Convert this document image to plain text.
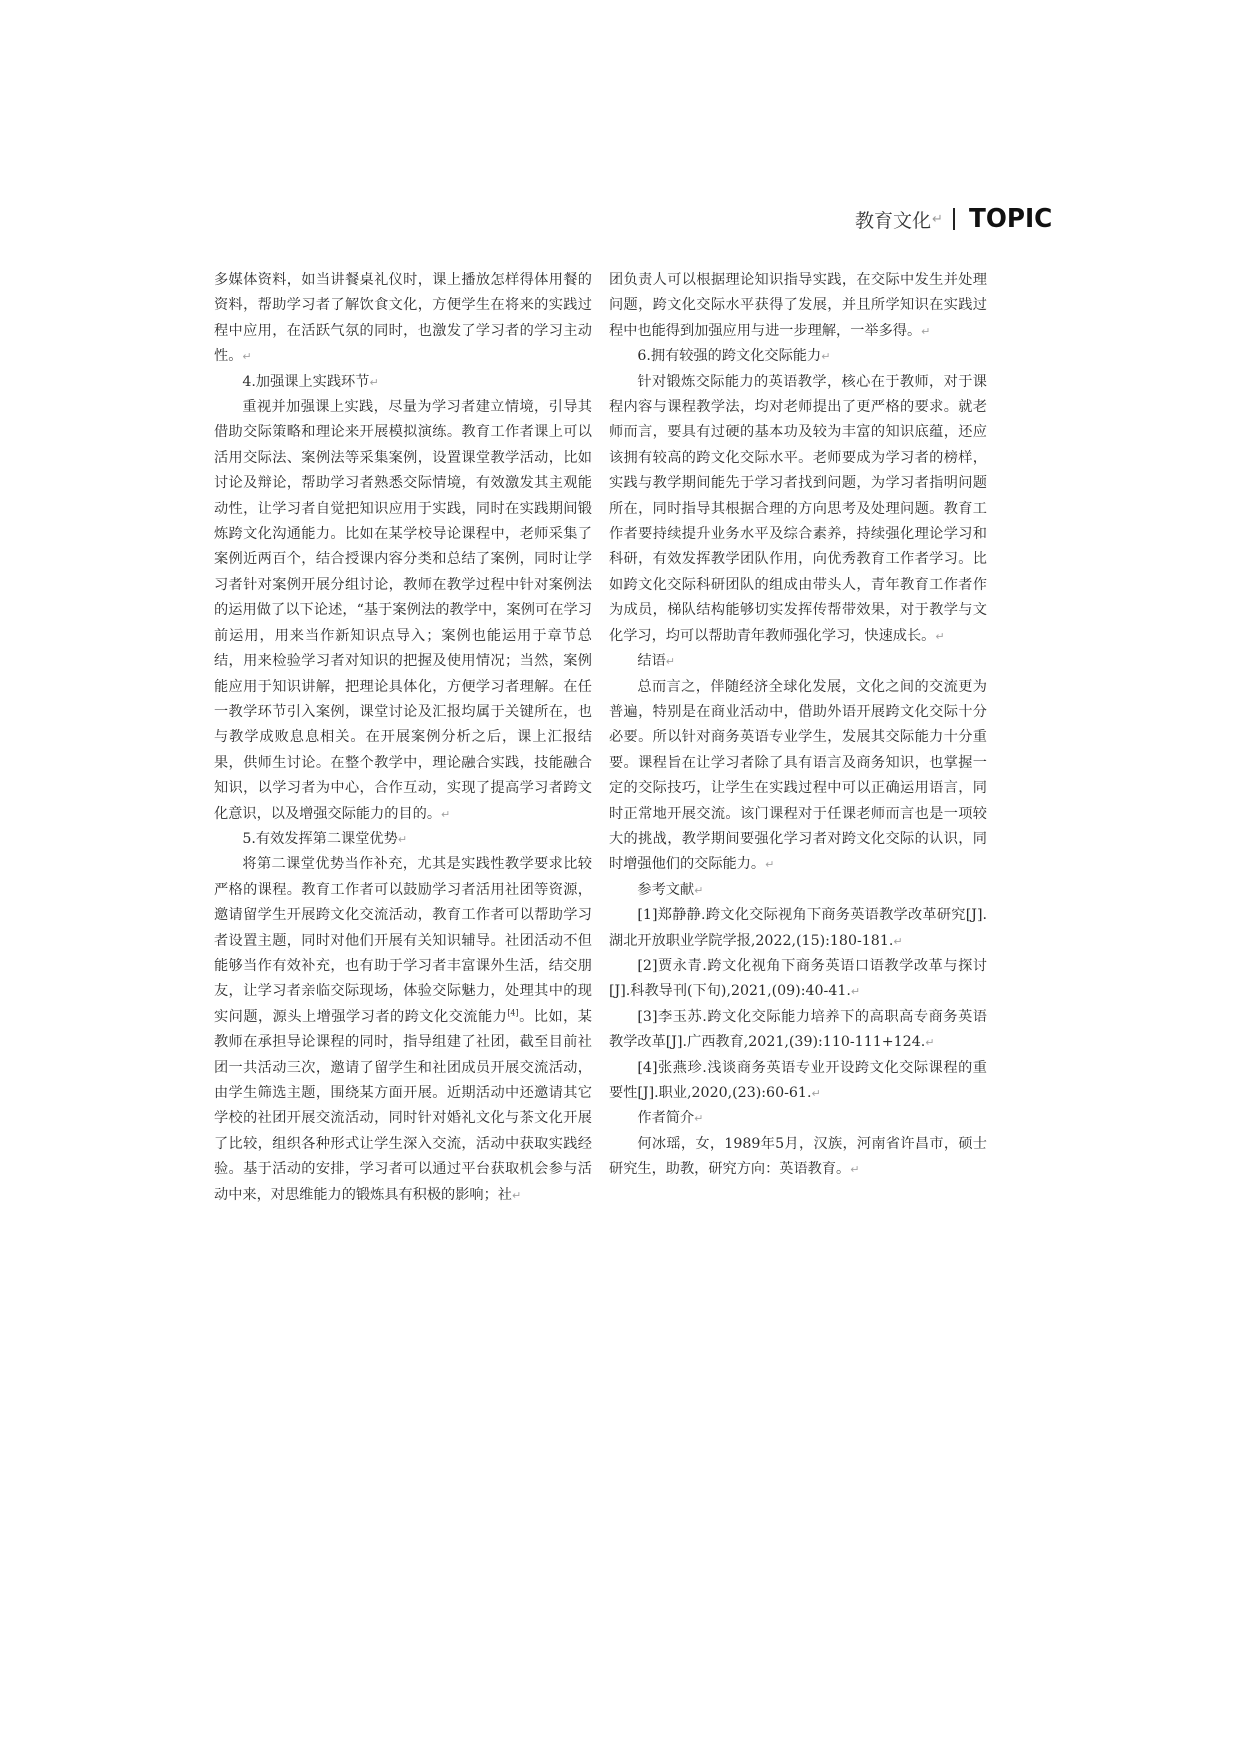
教育文化 ↵ TOPIC

多媒体资料，如当讲餐桌礼仪时，课上播放怎样得体用餐的资料，帮助学习者了解饮食文化，方便学生在将来的实践过程中应用，在活跃气氛的同时，也激发了学习者的学习主动性。↵

4.加强课上实践环节↵

重视并加强课上实践，尽量为学习者建立情境，引导其借助交际策略和理论来开展模拟演练。教育工作者课上可以活用交际法、案例法等采集案例，设置课堂教学活动，比如讨论及辩论，帮助学习者熟悉交际情境，有效激发其主观能动性，让学习者自觉把知识应用于实践，同时在实践期间锻炼跨文化沟通能力。比如在某学校导论课程中，老师采集了案例近两百个，结合授课内容分类和总结了案例，同时让学习者针对案例开展分组讨论，教师在教学过程中针对案例法的运用做了以下论述，“基于案例法的教学中，案例可在学习前运用，用来当作新知识点导入；案例也能运用于章节总结，用来检验学习者对知识的把握及使用情况；当然，案例能应用于知识讲解，把理论具体化，方便学习者理解。在任一教学环节引入案例，课堂讨论及汇报均属于关键所在，也与教学成败息息相关。在开展案例分析之后，课上汇报结果，供师生讨论。在整个教学中，理论融合实践，技能融合知识，以学习者为中心，合作互动，实现了提高学习者跨文化意识，以及增强交际能力的目的。↵

5.有效发挥第二课堂优势↵

将第二课堂优势当作补充，尤其是实践性教学要求比较严格的课程。教育工作者可以鼓励学习者活用社团等资源，邀请留学生开展跨文化交流活动，教育工作者可以帮助学习者设置主题，同时对他们开展有关知识辅导。社团活动不但能够当作有效补充，也有助于学习者丰富课外生活，结交朋友，让学习者亲临交际现场，体验交际魅力，处理其中的现实问题，源头上增强学习者的跨文化交流能力[4]。比如，某教师在承担导论课程的同时，指导组建了社团，截至目前社团一共活动三次，邀请了留学生和社团成员开展交流活动，由学生筛选主题，围绕某方面开展。近期活动中还邀请其它学校的社团开展交流活动，同时针对婚礼文化与茶文化开展了比较，组织各种形式让学生深入交流，活动中获取实践经验。基于活动的安排，学习者可以通过平台获取机会参与活动中来，对思维能力的锻炼具有积极的影响；社↵

团负责人可以根据理论知识指导实践，在交际中发生并处理问题，跨文化交际水平获得了发展，并且所学知识在实践过程中也能得到加强应用与进一步理解，一举多得。↵

6.拥有较强的跨文化交际能力↵

针对锻炼交际能力的英语教学，核心在于教师，对于课程内容与课程教学法，均对老师提出了更严格的要求。就老师而言，要具有过硬的基本功及较为丰富的知识底蕴，还应该拥有较高的跨文化交际水平。老师要成为学习者的榜样，实践与教学期间能先于学习者找到问题，为学习者指明问题所在，同时指导其根据合理的方向思考及处理问题。教育工作者要持续提升业务水平及综合素养，持续强化理论学习和科研，有效发挥教学团队作用，向优秀教育工作者学习。比如跨文化交际科研团队的组成由带头人，青年教育工作者作为成员，梯队结构能够切实发挥传帮带效果，对于教学与文化学习，均可以帮助青年教师强化学习，快速成长。↵

结语↵

总而言之，伴随经济全球化发展，文化之间的交流更为普遍，特别是在商业活动中，借助外语开展跨文化交际十分必要。所以针对商务英语专业学生，发展其交际能力十分重要。课程旨在让学习者除了具有语言及商务知识，也掌握一定的交际技巧，让学生在实践过程中可以正确运用语言，同时正常地开展交流。该门课程对于任课老师而言也是一项较大的挑战，教学期间要强化学习者对跨文化交际的认识，同时增强他们的交际能力。↵

参考文献↵

[1]郑静静.跨文化交际视角下商务英语教学改革研究[J].湖北开放职业学院学报,2022,(15):180-181.↵

[2]贾永青.跨文化视角下商务英语口语教学改革与探讨[J].科教导刊(下旬),2021,(09):40-41.↵

[3]李玉苏.跨文化交际能力培养下的高职高专商务英语教学改革[J].广西教育,2021,(39):110-111+124.↵

[4]张燕珍.浅谈商务英语专业开设跨文化交际课程的重要性[J].职业,2020,(23):60-61.↵

作者简介↵

何冰瑶，女，1989年5月，汉族，河南省许昌市，硕士研究生，助教，研究方向：英语教育。↵
